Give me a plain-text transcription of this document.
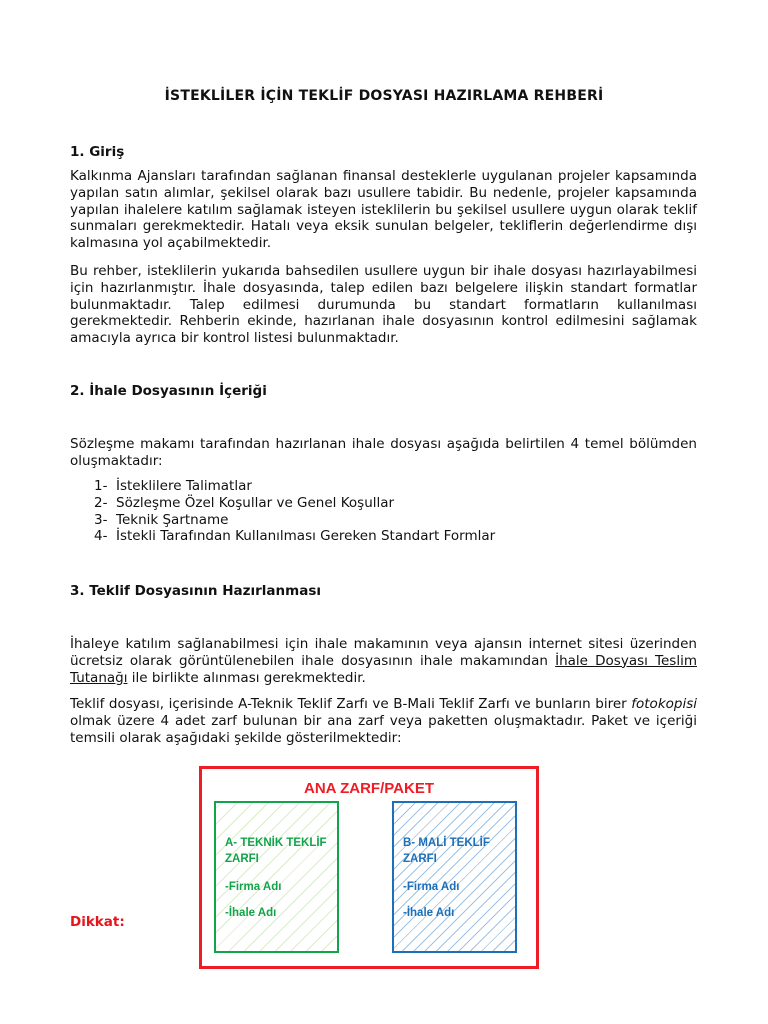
İSTEKLİLER İÇİN TEKLİF DOSYASI HAZIRLAMA REHBERİ
1. Giriş
Kalkınma Ajansları tarafından sağlanan finansal desteklerle uygulanan projeler kapsamında yapılan satın alımlar, şekilsel olarak bazı usullere tabidir. Bu nedenle, projeler kapsamında yapılan ihalelere katılım sağlamak isteyen isteklilerin bu şekilsel usullere uygun olarak teklif sunmaları gerekmektedir. Hatalı veya eksik sunulan belgeler, tekliflerin değerlendirme dışı kalmasına yol açabilmektedir.
Bu rehber, isteklilerin yukarıda bahsedilen usullere uygun bir ihale dosyası hazırlayabilmesi için hazırlanmıştır. İhale dosyasında, talep edilen bazı belgelere ilişkin standart formatlar bulunmaktadır. Talep edilmesi durumunda bu standart formatların kullanılması gerekmektedir. Rehberin ekinde, hazırlanan ihale dosyasının kontrol edilmesini sağlamak amacıyla ayrıca bir kontrol listesi bulunmaktadır.
2. İhale Dosyasının İçeriği
Sözleşme makamı tarafından hazırlanan ihale dosyası aşağıda belirtilen 4 temel bölümden oluşmaktadır:
1- İsteklilere Talimatlar
2- Sözleşme Özel Koşullar ve Genel Koşullar
3- Teknik Şartname
4- İstekli Tarafından Kullanılması Gereken Standart Formlar
3. Teklif Dosyasının Hazırlanması
İhaleye katılım sağlanabilmesi için ihale makamının veya ajansın internet sitesi üzerinden ücretsiz olarak görüntülenebilen ihale dosyasının ihale makamından İhale Dosyası Teslim Tutanağı ile birlikte alınması gerekmektedir.
Teklif dosyası, içerisinde A-Teknik Teklif Zarfı ve B-Mali Teklif Zarfı ve bunların birer fotokopisi olmak üzere 4 adet zarf bulunan bir ana zarf veya paketten oluşmaktadır. Paket ve içeriği temsili olarak aşağıdaki şekilde gösterilmektedir:
ANA ZARF/PAKET
A- TEKNİK TEKLİF ZARFI
-Firma Adı
-İhale Adı
B- MALİ TEKLİF ZARFI
-Firma Adı
-İhale Adı
Dikkat:
